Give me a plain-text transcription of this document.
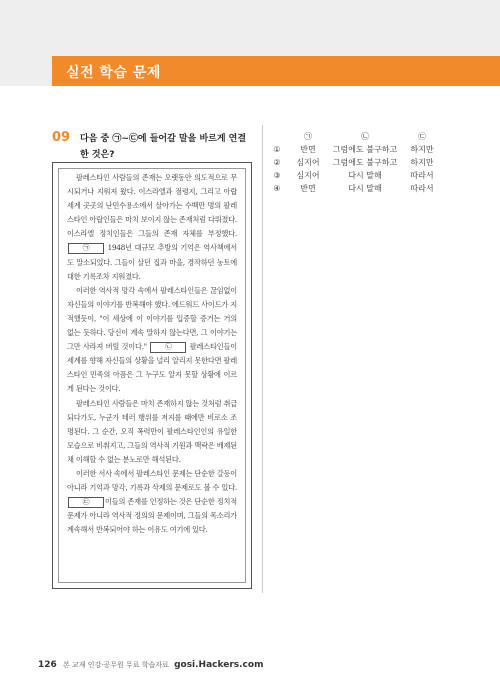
실전 학습 문제
09 다음 중 ㉠~㉢에 들어갈 말을 바르게 연결한 것은?

팔레스타인 사람들의 존재는 오랫동안 의도적으로 무시되거나 지워져 왔다. 이스라엘과 점령지, 그리고 아랍 세계 곳곳의 난민수용소에서 살아가는 수백만 명의 팔레스타인 아랍인들은 마치 보이지 않는 존재처럼 다뤄졌다. 이스라엘 정치인들은 그들의 존재 자체를 부정했다. ㉠	1948년 대규모 추방의 기억은 역사책에서도 말소되었다. 그들이 살던 집과 마을, 경작하던 농토에 대한 기록조차 지워졌다.

이러한 역사적 망각 속에서 팔레스타인들은 끊임없이 자신들의 이야기를 반복해야 했다. 에드워드 사이드가 지적했듯이, "이 세상에 이 이야기를 입증할 증거는 거의 없는 듯하다. 당신이 계속 말하지 않는다면, 그 이야기는 그만 사라져 버릴 것이다."	㉡	팔레스타인들이 세계를 향해 자신들의 상황을 널리 알리지 못한다면 팔레스타인 민족의 아픔은 그 누구도 알지 못할 상황에 이르게 된다는 것이다.

팔레스타인 사람들은 마치 존재하지 않는 것처럼 취급되다가도, 누군가 테러 행위를 저지를 때에만 비로소 조명된다. 그 순간, 오직 폭력만이 팔레스타인인의 유일한 모습으로 비춰지고, 그들의 역사적 기원과 맥락은 배제된 채 이해할 수 없는 분노로만 해석된다.

이러한 서사 속에서 팔레스타인 문제는 단순한 갈등이 아니라 기억과 망각, 기록과 삭제의 문제로도 볼 수 있다. ㉢ 이들의 존재를 인정하는 것은 단순한 정치적 문제가 아니라 역사적 정의의 문제이며, 그들의 목소리가 계속해서 반복되어야 하는 이유도 여기에 있다.

㉠	㉡	㉢
①	반면	그럼에도 불구하고	하지만
②	심지어	그럼에도 불구하고	하지만
③	심지어	다시 말해	따라서
④	반면	다시 말해	따라서
126 본 교재 인강·공무원 무료 학습자료 gosi.Hackers.com
